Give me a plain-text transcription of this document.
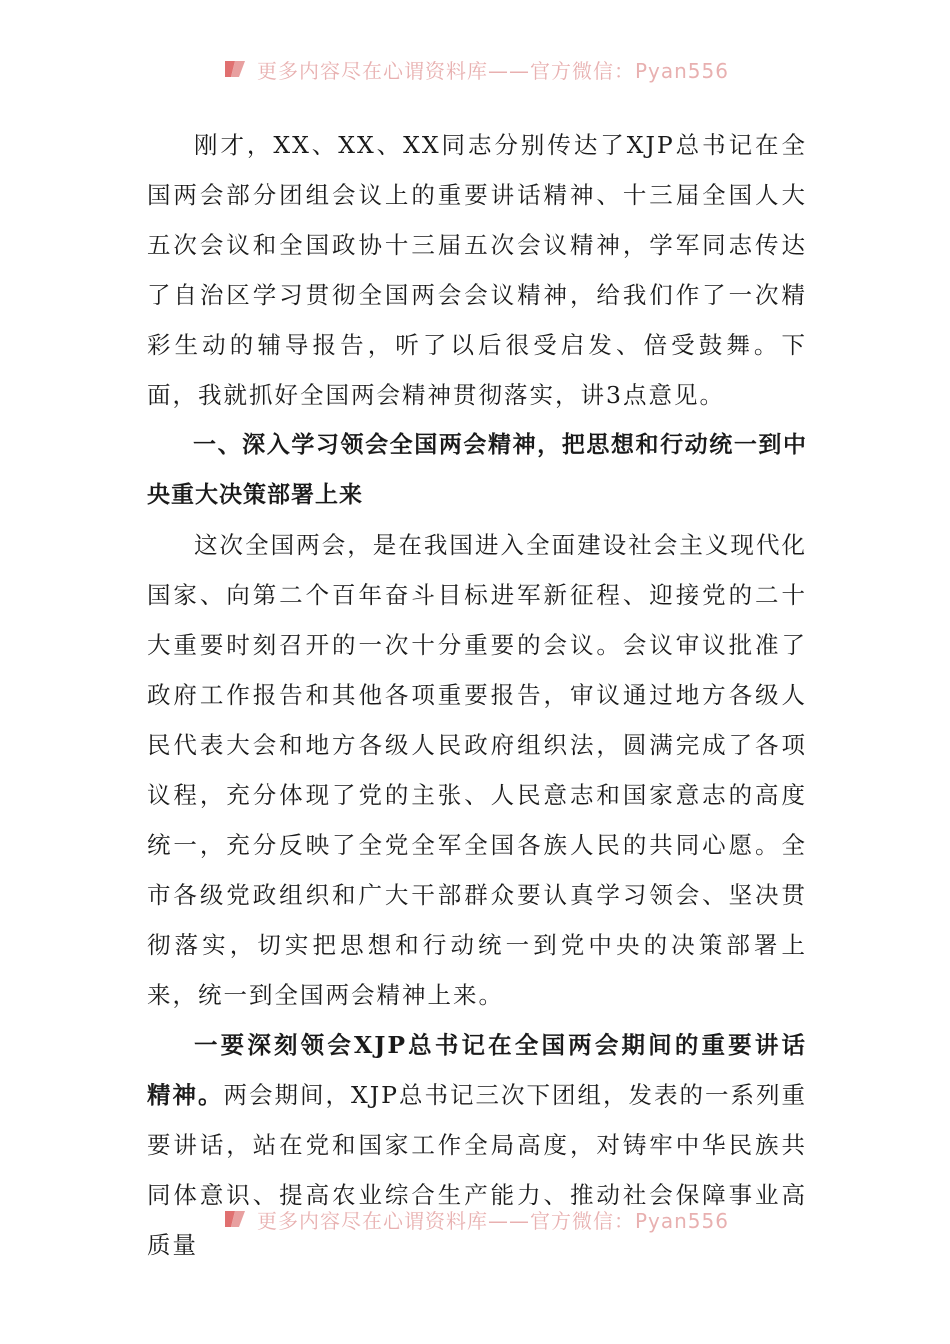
更多内容尽在心谓资料库——官方微信：Pyan556

刚才，XX、XX、XX同志分别传达了XJP总书记在全国两会部分团组会议上的重要讲话精神、十三届全国人大五次会议和全国政协十三届五次会议精神，学军同志传达了自治区学习贯彻全国两会会议精神，给我们作了一次精彩生动的辅导报告，听了以后很受启发、倍受鼓舞。下面，我就抓好全国两会精神贯彻落实，讲3点意见。

一、深入学习领会全国两会精神，把思想和行动统一到中央重大决策部署上来

这次全国两会，是在我国进入全面建设社会主义现代化国家、向第二个百年奋斗目标进军新征程、迎接党的二十大重要时刻召开的一次十分重要的会议。会议审议批准了政府工作报告和其他各项重要报告，审议通过地方各级人民代表大会和地方各级人民政府组织法，圆满完成了各项议程，充分体现了党的主张、人民意志和国家意志的高度统一，充分反映了全党全军全国各族人民的共同心愿。全市各级党政组织和广大干部群众要认真学习领会、坚决贯彻落实，切实把思想和行动统一到党中央的决策部署上来，统一到全国两会精神上来。

一要深刻领会XJP总书记在全国两会期间的重要讲话精神。两会期间，XJP总书记三次下团组，发表的一系列重要讲话，站在党和国家工作全局高度，对铸牢中华民族共同体意识、提高农业综合生产能力、推动社会保障事业高质量

更多内容尽在心谓资料库——官方微信：Pyan556
